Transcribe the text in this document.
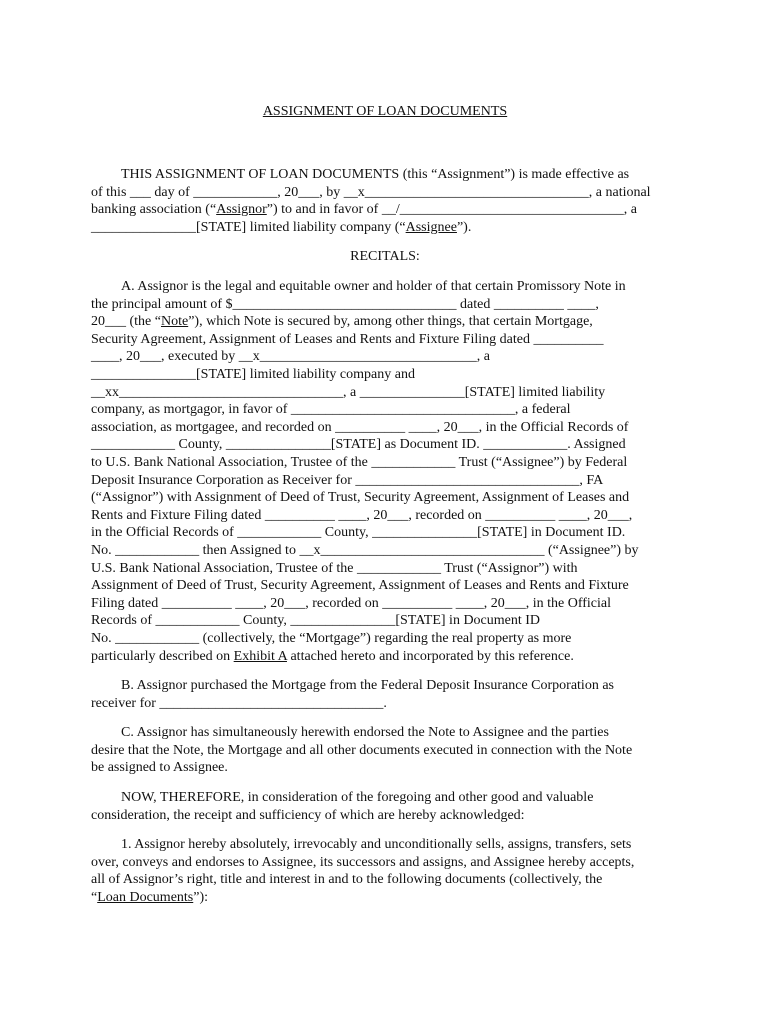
ASSIGNMENT OF LOAN DOCUMENTS
THIS ASSIGNMENT OF LOAN DOCUMENTS (this “Assignment”) is made effective as
of this ___ day of ____________, 20___, by __x________________________________, a national
banking association (“Assignor”) to and in favor of __/________________________________, a
_______________[STATE] limited liability company (“Assignee”).
RECITALS:
A. Assignor is the legal and equitable owner and holder of that certain Promissory Note in
the principal amount of $________________________________ dated __________ ____,
20___ (the “Note”), which Note is secured by, among other things, that certain Mortgage,
Security Agreement, Assignment of Leases and Rents and Fixture Filing dated __________
____, 20___, executed by __x_______________________________, a
_______________[STATE] limited liability company and
__xx________________________________, a _______________[STATE] limited liability
company, as mortgagor, in favor of ________________________________, a federal
association, as mortgagee, and recorded on __________ ____, 20___, in the Official Records of
____________ County, _______________[STATE] as Document ID. ____________. Assigned
to U.S. Bank National Association, Trustee of the ____________ Trust (“Assignee”) by Federal
Deposit Insurance Corporation as Receiver for ________________________________, FA
(“Assignor”) with Assignment of Deed of Trust, Security Agreement, Assignment of Leases and
Rents and Fixture Filing dated __________ ____, 20___, recorded on __________ ____, 20___,
in the Official Records of ____________ County, _______________[STATE] in Document ID.
No. ____________ then Assigned to __x________________________________ (“Assignee”) by
U.S. Bank National Association, Trustee of the ____________ Trust (“Assignor”) with
Assignment of Deed of Trust, Security Agreement, Assignment of Leases and Rents and Fixture
Filing dated __________ ____, 20___, recorded on __________ ____, 20___, in the Official
Records of ____________ County, _______________[STATE] in Document ID
No. ____________ (collectively, the “Mortgage”) regarding the real property as more
particularly described on Exhibit A attached hereto and incorporated by this reference.
B. Assignor purchased the Mortgage from the Federal Deposit Insurance Corporation as
receiver for ________________________________.
C. Assignor has simultaneously herewith endorsed the Note to Assignee and the parties
desire that the Note, the Mortgage and all other documents executed in connection with the Note
be assigned to Assignee.
NOW, THEREFORE, in consideration of the foregoing and other good and valuable
consideration, the receipt and sufficiency of which are hereby acknowledged:
1. Assignor hereby absolutely, irrevocably and unconditionally sells, assigns, transfers, sets
over, conveys and endorses to Assignee, its successors and assigns, and Assignee hereby accepts,
all of Assignor’s right, title and interest in and to the following documents (collectively, the
“Loan Documents”):
